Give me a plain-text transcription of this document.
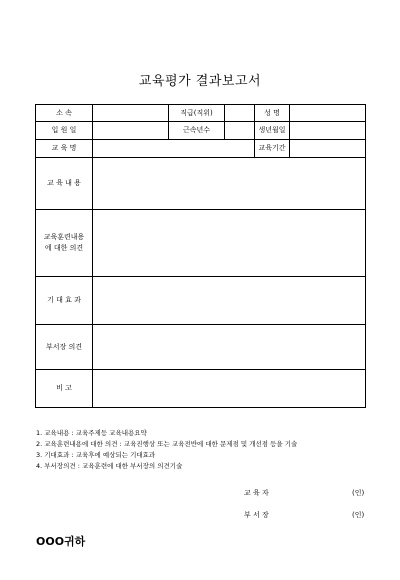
교육평가 결과보고서
소 속		직급(직위)		성 명	
입 원 일		근속년수		생년월일	
교 육 명				교육기간	
교 육 내 용					

교육훈련내용
에 대한 의견					

기 대 효 과					
부서장 의견					
비 고					
1. 교육내용 : 교육주제등 교육내용요약
2. 교육훈련내용에 대한 의견 : 교육진행상 또는 교육전반에 대한 문제점 및 개선점 등을 기술
3. 기대효과 : 교육후에 예상되는 기대효과
4. 부서장의견 : 교육훈련에 대한 부서장의 의견기술
교 육 자	(인)
부 서 장	(인)
OOO귀하
